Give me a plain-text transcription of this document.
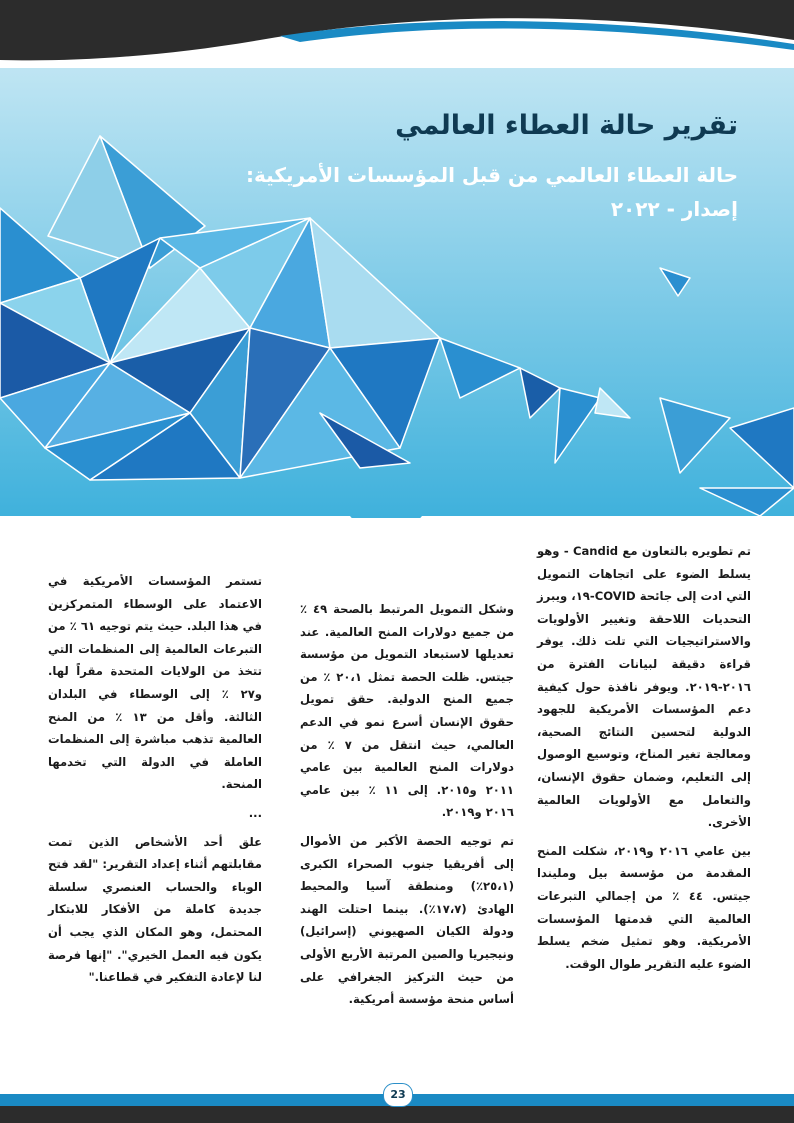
تقرير حالة العطاء العالمي
حالة العطاء العالمي من قبل المؤسسات الأمريكية:
إصدار - ٢٠٢٢

تم تطويره بالتعاون مع Candid - وهو يسلط الضوء على اتجاهات التمويل التي ادت إلى جائحة COVID-١٩، ويبرز التحديات اللاحقة وتغيير الأولويات والاستراتيجيات التي تلت ذلك. يوفر قراءة دقيقة لبيانات الفترة من ٢٠١٦-٢٠١٩. ويوفر نافذة حول كيفية دعم المؤسسات الأمريكية للجهود الدولية لتحسين النتائج الصحية، ومعالجة تغير المناخ، وتوسيع الوصول إلى التعليم، وضمان حقوق الإنسان، والتعامل مع الأولويات العالمية الأخرى.

بين عامي ٢٠١٦ و٢٠١٩، شكلت المنح المقدمة من مؤسسة بيل ومليندا جيتس. ٤٤ ٪ من إجمالي التبرعات العالمية التي قدمتها المؤسسات الأمريكية. وهو تمثيل ضخم يسلط الضوء عليه التقرير طوال الوقت.

وشكل التمويل المرتبط بالصحة ٤٩ ٪ من جميع دولارات المنح العالمية. عند تعديلها لاستبعاد التمويل من مؤسسة جيتس. ظلت الحصة تمثل ٢٠،١ ٪ من جميع المنح الدولية. حقق تمويل حقوق الإنسان أسرع نمو في الدعم العالمي، حيث انتقل من ٧ ٪ من دولارات المنح العالمية بين عامي ٢٠١١ و٢٠١٥. إلى ١١ ٪ بين عامي ٢٠١٦ و٢٠١٩.

تم توجيه الحصة الأكبر من الأموال إلى أفريقيا جنوب الصحراء الكبرى (٢٥،١٪) ومنطقة آسيا والمحيط الهادئ (١٧،٧٪). بينما احتلت الهند ودولة الكيان الصهيوني (إسرائيل) ونيجيريا والصين المرتبة الأربع الأولى من حيث التركيز الجغرافي على أساس منحة مؤسسة أمريكية.

تستمر المؤسسات الأمريكية في الاعتماد على الوسطاء المتمركزين في هذا البلد. حيث يتم توجيه ٦١ ٪ من التبرعات العالمية إلى المنظمات التي تتخذ من الولايات المتحدة مقراً لها. و٢٧ ٪ إلى الوسطاء في البلدان الثالثة. وأقل من ١٣ ٪ من المنح العالمية تذهب مباشرة إلى المنظمات العاملة في الدولة التي تخدمها المنحة.

...

علق أحد الأشخاص الذين تمت مقابلتهم أثناء إعداد التقرير: "لقد فتح الوباء والحساب العنصري سلسلة جديدة كاملة من الأفكار للابتكار المحتمل، وهو المكان الذي يجب أن يكون فيه العمل الخيري". "إنها فرصة لنا لإعادة التفكير في قطاعنا."

23
